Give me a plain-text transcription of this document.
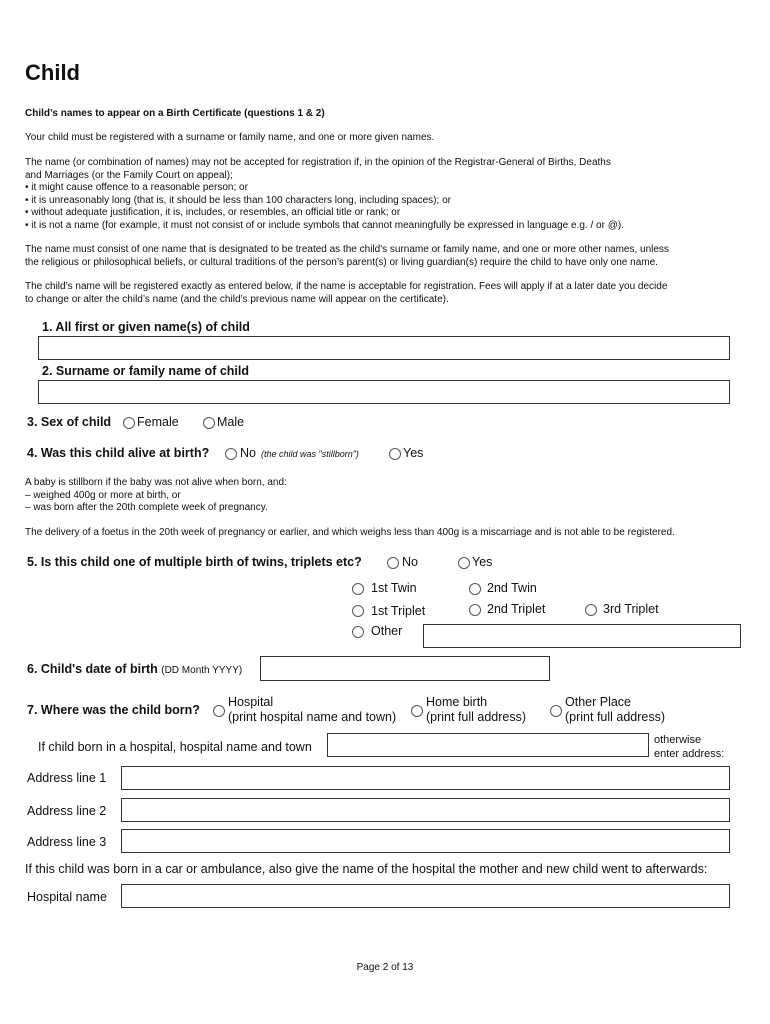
Child
Child’s names to appear on a Birth Certificate (questions 1 & 2)
Your child must be registered with a surname or family name, and one or more given names.
The name (or combination of names) may not be accepted for registration if, in the opinion of the Registrar-General of Births, Deaths
and Marriages (or the Family Court on appeal);
• it might cause offence to a reasonable person; or
• it is unreasonably long (that is, it should be less than 100 characters long, including spaces); or
• without adequate justification, it is, includes, or resembles, an official title or rank; or
• it is not a name (for example, it must not consist of or include symbols that cannot meaningfully be expressed in language e.g. / or @).
The name must consist of one name that is designated to be treated as the child's surname or family name, and one or more other names, unless
the religious or philosophical beliefs, or cultural traditions of the person’s parent(s) or living guardian(s) require the child to have only one name.
The child’s name will be registered exactly as entered below, if the name is acceptable for registration. Fees will apply if at a later date you decide
to change or alter the child’s name (and the child’s previous name will appear on the certificate).
1. All first or given name(s) of child
2. Surname or family name of child
3. Sex of child Female	Male
4. Was this child alive at birth? No (the child was "stillborn")	Yes
A baby is stillborn if the baby was not alive when born, and:
– weighed 400g or more at birth, or
– was born after the 20th complete week of pregnancy.
The delivery of a foetus in the 20th week of pregnancy or earlier, and which weighs less than 400g is a miscarriage and is not able to be registered.
5. Is this child one of multiple birth of twins, triplets etc?	No	Yes
1st Twin	2nd Twin
1st Triplet	2nd Triplet	3rd Triplet
Other
6. Child's date of birth (DD Month YYYY)
7. Where was the child born?
Hospital
(print hospital name and town)
Home birth
(print full address)
Other Place
(print full address)
If child born in a hospital, hospital name and town	otherwise
enter address:
Address line 1
Address line 2
Address line 3
If this child was born in a car or ambulance, also give the name of the hospital the mother and new child went to afterwards:
Hospital name
Page 2 of 13
